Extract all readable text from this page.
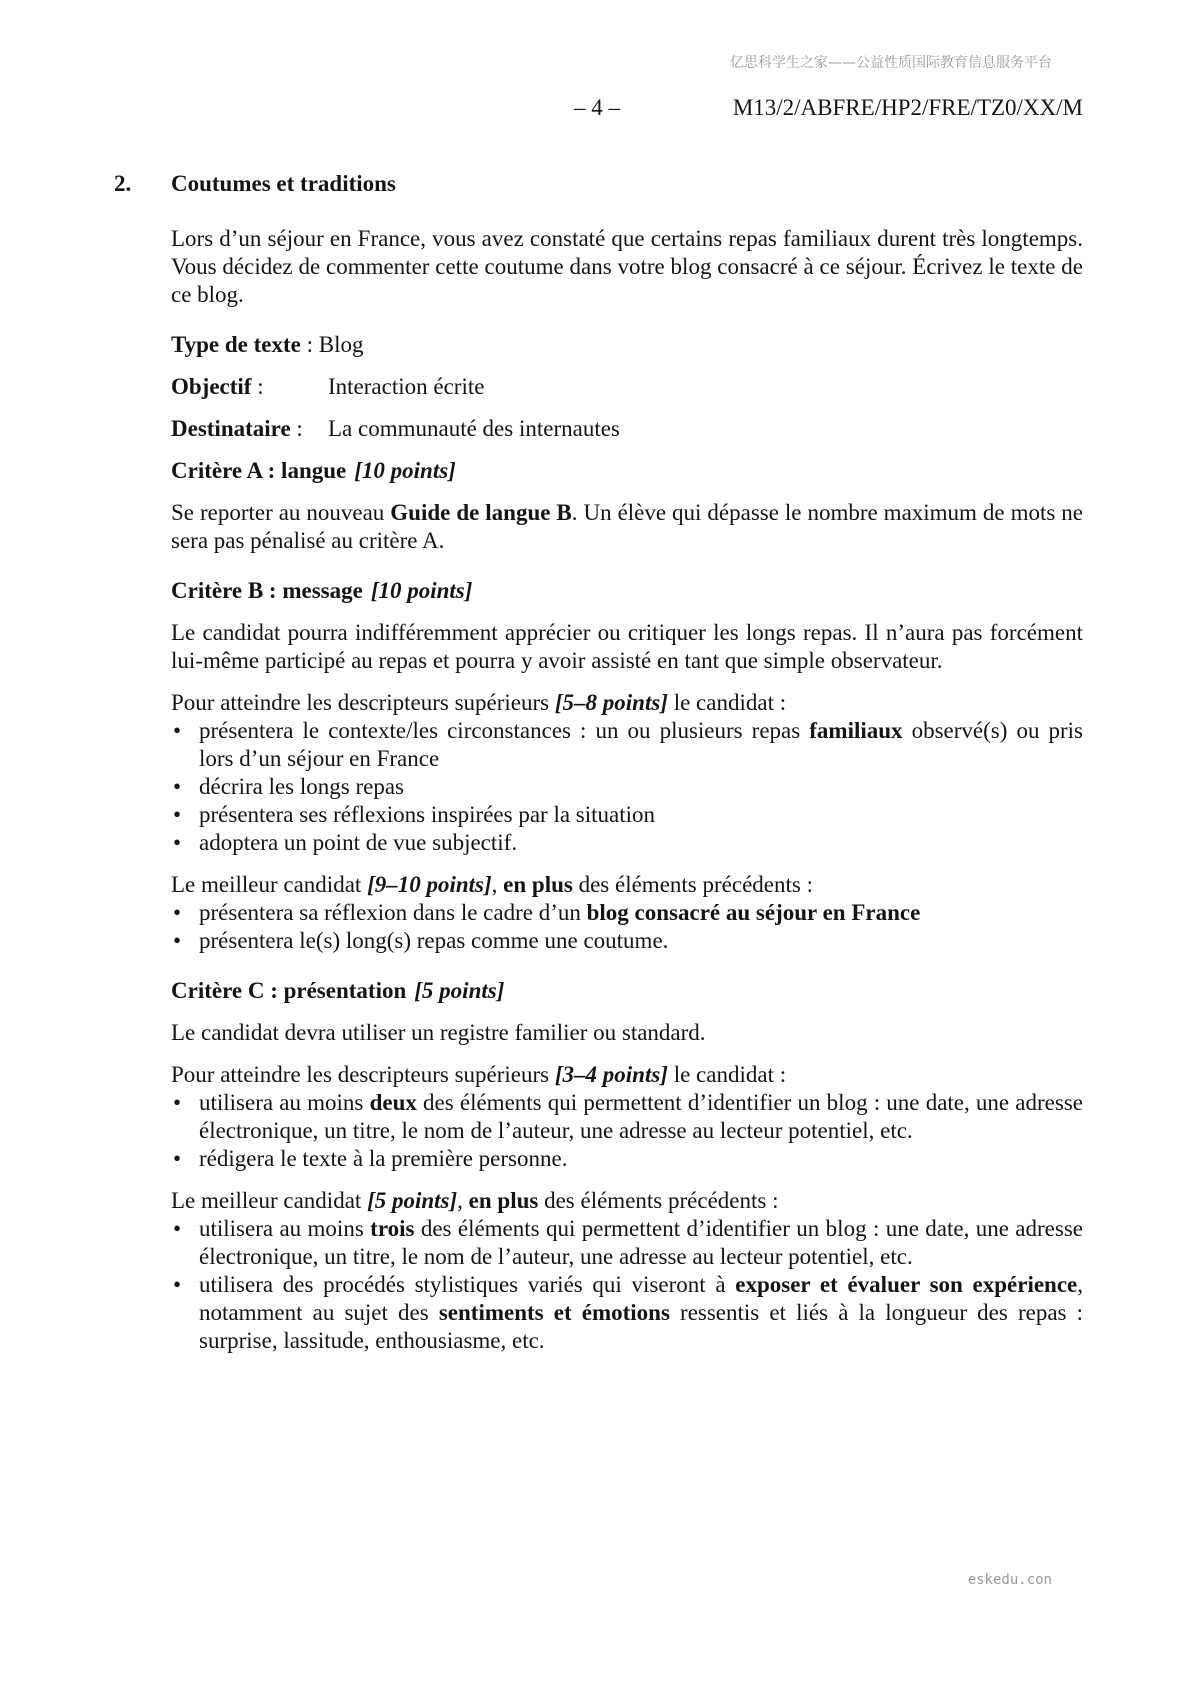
亿思科学生之家——公益性质国际教育信息服务平台
– 4 –	M13/2/ABFRE/HP2/FRE/TZ0/XX/M
2. Coutumes et traditions

Lors d’un séjour en France, vous avez constaté que certains repas familiaux durent très longtemps. Vous décidez de commenter cette coutume dans votre blog consacré à ce séjour. Écrivez le texte de ce blog.

Type de texte : Blog
Objectif :	Interaction écrite
Destinataire : La communauté des internautes
Critère A : langue [10 points]

Se reporter au nouveau Guide de langue B. Un élève qui dépasse le nombre maximum de mots ne sera pas pénalisé au critère A.

Critère B : message [10 points]

Le candidat pourra indifféremment apprécier ou critiquer les longs repas. Il n’aura pas forcément lui-même participé au repas et pourra y avoir assisté en tant que simple observateur.

Pour atteindre les descripteurs supérieurs [5–8 points] le candidat :

• présentera le contexte/les circonstances : un ou plusieurs repas familiaux observé(s) ou pris lors d’un séjour en France
• décrira les longs repas
• présentera ses réflexions inspirées par la situation
• adoptera un point de vue subjectif.

Le meilleur candidat [9–10 points], en plus des éléments précédents :

• présentera sa réflexion dans le cadre d’un blog consacré au séjour en France
• présentera le(s) long(s) repas comme une coutume.
Critère C : présentation [5 points]

Le candidat devra utiliser un registre familier ou standard.

Pour atteindre les descripteurs supérieurs [3–4 points] le candidat :

• utilisera au moins deux des éléments qui permettent d’identifier un blog : une date, une adresse électronique, un titre, le nom de l’auteur, une adresse au lecteur potentiel, etc.
• rédigera le texte à la première personne.

Le meilleur candidat [5 points], en plus des éléments précédents :

• utilisera au moins trois des éléments qui permettent d’identifier un blog : une date, une adresse électronique, un titre, le nom de l’auteur, une adresse au lecteur potentiel, etc.
• utilisera des procédés stylistiques variés qui viseront à exposer et évaluer son expérience, notamment au sujet des sentiments et émotions ressentis et liés à la longueur des repas : surprise, lassitude, enthousiasme, etc.
eskedu.con
